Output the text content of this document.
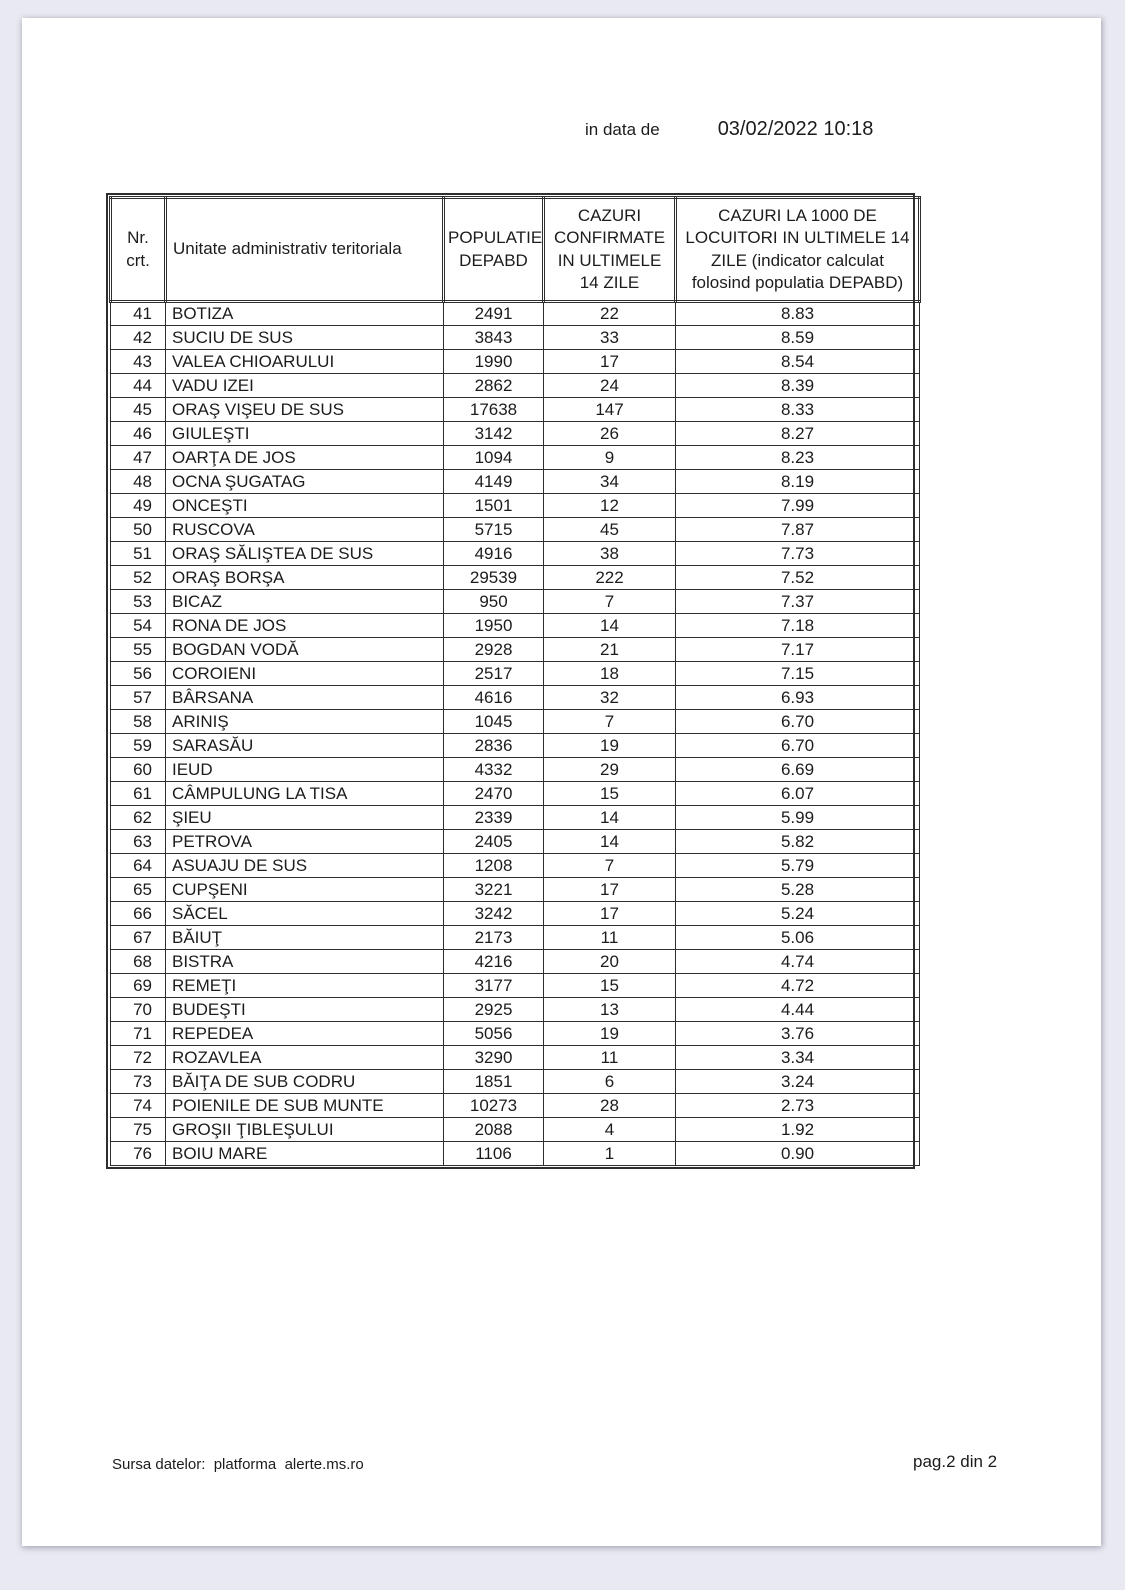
in data de	03/02/2022 10:18
Nr. crt.	Unitate administrativ teritoriala	POPULATIE DEPABD	CAZURI CONFIRMATE IN ULTIMELE 14 ZILE	CAZURI LA 1000 DE LOCUITORI IN ULTIMELE 14 ZILE (indicator calculat folosind populatia DEPABD)
41	BOTIZA	2491	22	8.83
42	SUCIU DE SUS	3843	33	8.59
43	VALEA CHIOARULUI	1990	17	8.54
44	VADU IZEI	2862	24	8.39
45	ORAŞ VIŞEU DE SUS	17638	147	8.33
46	GIULEŞTI	3142	26	8.27
47	OARŢA DE JOS	1094	9	8.23
48	OCNA ŞUGATAG	4149	34	8.19
49	ONCEŞTI	1501	12	7.99
50	RUSCOVA	5715	45	7.87
51	ORAŞ SĂLIŞTEA DE SUS	4916	38	7.73
52	ORAŞ BORŞA	29539	222	7.52
53	BICAZ	950	7	7.37
54	RONA DE JOS	1950	14	7.18
55	BOGDAN VODĂ	2928	21	7.17
56	COROIENI	2517	18	7.15
57	BÂRSANA	4616	32	6.93
58	ARINIŞ	1045	7	6.70
59	SARASĂU	2836	19	6.70
60	IEUD	4332	29	6.69
61	CÂMPULUNG LA TISA	2470	15	6.07
62	ŞIEU	2339	14	5.99
63	PETROVA	2405	14	5.82
64	ASUAJU DE SUS	1208	7	5.79
65	CUPŞENI	3221	17	5.28
66	SĂCEL	3242	17	5.24
67	BĂIUŢ	2173	11	5.06
68	BISTRA	4216	20	4.74
69	REMEŢI	3177	15	4.72
70	BUDEŞTI	2925	13	4.44
71	REPEDEA	5056	19	3.76
72	ROZAVLEA	3290	11	3.34
73	BĂIŢA DE SUB CODRU	1851	6	3.24
74	POIENILE DE SUB MUNTE	10273	28	2.73
75	GROŞII ŢIBLEŞULUI	2088	4	1.92
76	BOIU MARE	1106	1	0.90
Sursa datelor:  platforma  alerte.ms.ro	pag.2 din 2
